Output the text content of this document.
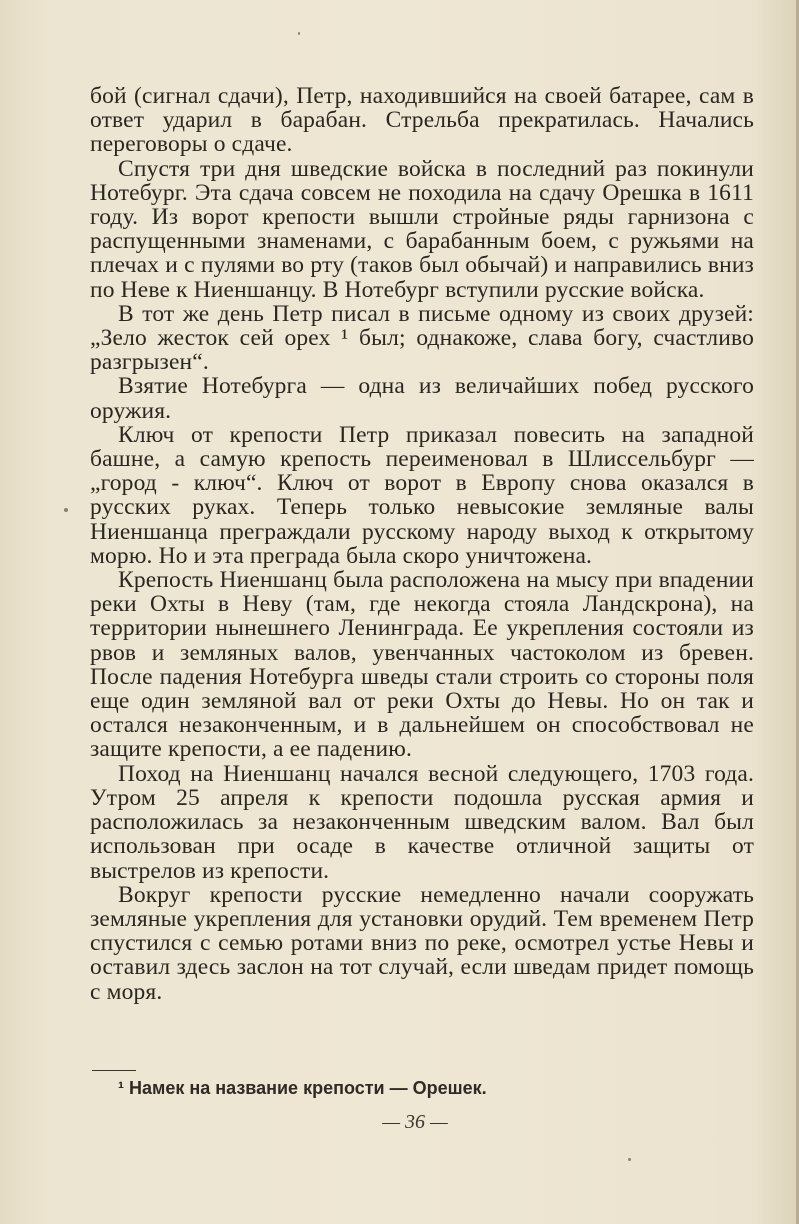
бой (сигнал сдачи), Петр, находившийся на своей батарее, сам в ответ ударил в барабан. Стрельба прекратилась. Начались переговоры о сдаче.

Спустя три дня шведские войска в последний раз покинули Нотебург. Эта сдача совсем не походила на сдачу Орешка в 1611 году. Из ворот крепости вышли стройные ряды гарнизона с распущенными знаменами, с барабанным боем, с ружьями на плечах и с пулями во рту (таков был обычай) и направились вниз по Неве к Ниеншанцу. В Нотебург вступили русские войска.

В тот же день Петр писал в письме одному из своих друзей: „Зело жесток сей орех ¹ был; однакоже, слава богу, счастливо разгрызен“.

Взятие Нотебурга — одна из величайших побед русского оружия.

Ключ от крепости Петр приказал повесить на западной башне, а самую крепость переименовал в Шлиссельбург — „город - ключ“. Ключ от ворот в Европу снова оказался в русских руках. Теперь только невысокие земляные валы Ниеншанца преграждали русскому народу выход к открытому морю. Но и эта преграда была скоро уничтожена.

Крепость Ниеншанц была расположена на мысу при впадении реки Охты в Неву (там, где некогда стояла Ландскрона), на территории нынешнего Ленинграда. Ее укрепления состояли из рвов и земляных валов, увенчанных частоколом из бревен. После падения Нотебурга шведы стали строить со стороны поля еще один земляной вал от реки Охты до Невы. Но он так и остался незаконченным, и в дальнейшем он способствовал не защите крепости, а ее падению.

Поход на Ниеншанц начался весной следующего, 1703 года. Утром 25 апреля к крепости подошла русская армия и расположилась за незаконченным шведским валом. Вал был использован при осаде в качестве отличной защиты от выстрелов из крепости.

Вокруг крепости русские немедленно начали сооружать земляные укрепления для установки орудий. Тем временем Петр спустился с семью ротами вниз по реке, осмотрел устье Невы и оставил здесь заслон на тот случай, если шведам придет помощь с моря.

¹ Намек на название крепости — Орешек.

— 36 —
